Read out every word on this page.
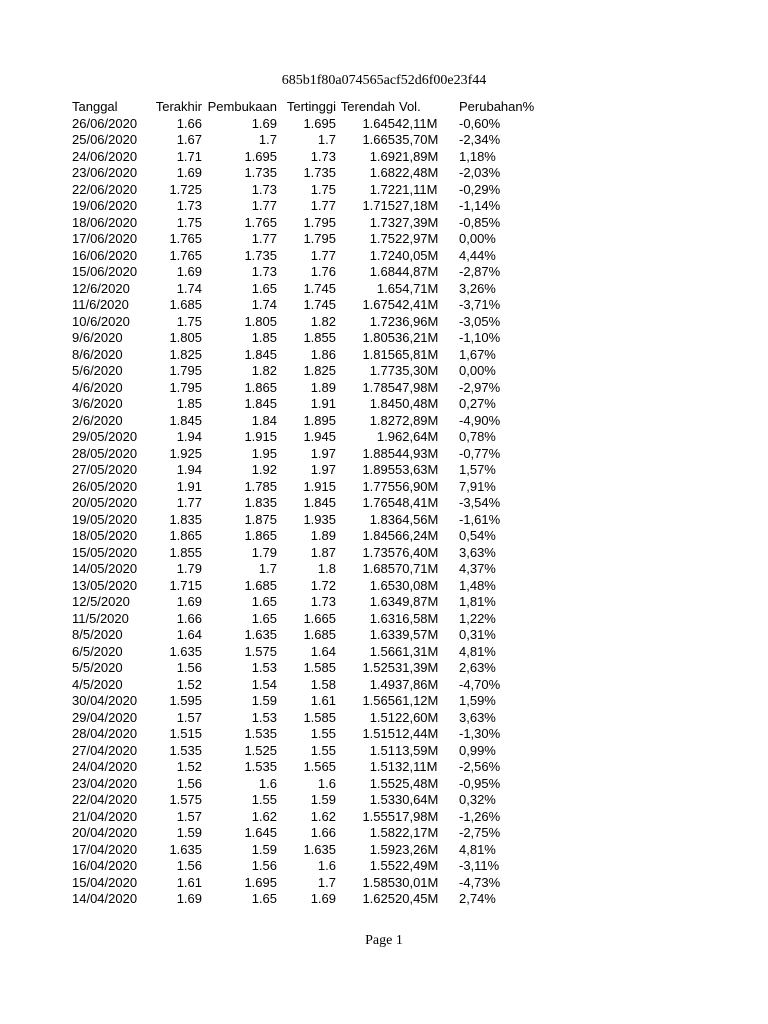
685b1f80a074565acf52d6f00e23f44
Tanggal	Terakhir	Pembukaan	Tertinggi	Terendah	Vol.	Perubahan%
26/06/2020	1.66	1.69	1.695	1.645	42,11M	-0,60%
25/06/2020	1.67	1.7	1.7	1.665	35,70M	-2,34%
24/06/2020	1.71	1.695	1.73	1.69	21,89M	1,18%
23/06/2020	1.69	1.735	1.735	1.68	22,48M	-2,03%
22/06/2020	1.725	1.73	1.75	1.72	21,11M	-0,29%
19/06/2020	1.73	1.77	1.77	1.715	27,18M	-1,14%
18/06/2020	1.75	1.765	1.795	1.73	27,39M	-0,85%
17/06/2020	1.765	1.77	1.795	1.75	22,97M	0,00%
16/06/2020	1.765	1.735	1.77	1.72	40,05M	4,44%
15/06/2020	1.69	1.73	1.76	1.68	44,87M	-2,87%
12/6/2020	1.74	1.65	1.745	1.6	54,71M	3,26%
11/6/2020	1.685	1.74	1.745	1.675	42,41M	-3,71%
10/6/2020	1.75	1.805	1.82	1.72	36,96M	-3,05%
9/6/2020	1.805	1.85	1.855	1.805	36,21M	-1,10%
8/6/2020	1.825	1.845	1.86	1.815	65,81M	1,67%
5/6/2020	1.795	1.82	1.825	1.77	35,30M	0,00%
4/6/2020	1.795	1.865	1.89	1.785	47,98M	-2,97%
3/6/2020	1.85	1.845	1.91	1.84	50,48M	0,27%
2/6/2020	1.845	1.84	1.895	1.82	72,89M	-4,90%
29/05/2020	1.94	1.915	1.945	1.9	62,64M	0,78%
28/05/2020	1.925	1.95	1.97	1.885	44,93M	-0,77%
27/05/2020	1.94	1.92	1.97	1.895	53,63M	1,57%
26/05/2020	1.91	1.785	1.915	1.775	56,90M	7,91%
20/05/2020	1.77	1.835	1.845	1.765	48,41M	-3,54%
19/05/2020	1.835	1.875	1.935	1.83	64,56M	-1,61%
18/05/2020	1.865	1.865	1.89	1.845	66,24M	0,54%
15/05/2020	1.855	1.79	1.87	1.735	76,40M	3,63%
14/05/2020	1.79	1.7	1.8	1.685	70,71M	4,37%
13/05/2020	1.715	1.685	1.72	1.65	30,08M	1,48%
12/5/2020	1.69	1.65	1.73	1.63	49,87M	1,81%
11/5/2020	1.66	1.65	1.665	1.63	16,58M	1,22%
8/5/2020	1.64	1.635	1.685	1.63	39,57M	0,31%
6/5/2020	1.635	1.575	1.64	1.56	61,31M	4,81%
5/5/2020	1.56	1.53	1.585	1.525	31,39M	2,63%
4/5/2020	1.52	1.54	1.58	1.49	37,86M	-4,70%
30/04/2020	1.595	1.59	1.61	1.565	61,12M	1,59%
29/04/2020	1.57	1.53	1.585	1.51	22,60M	3,63%
28/04/2020	1.515	1.535	1.55	1.515	12,44M	-1,30%
27/04/2020	1.535	1.525	1.55	1.51	13,59M	0,99%
24/04/2020	1.52	1.535	1.565	1.51	32,11M	-2,56%
23/04/2020	1.56	1.6	1.6	1.55	25,48M	-0,95%
22/04/2020	1.575	1.55	1.59	1.53	30,64M	0,32%
21/04/2020	1.57	1.62	1.62	1.555	17,98M	-1,26%
20/04/2020	1.59	1.645	1.66	1.58	22,17M	-2,75%
17/04/2020	1.635	1.59	1.635	1.59	23,26M	4,81%
16/04/2020	1.56	1.56	1.6	1.55	22,49M	-3,11%
15/04/2020	1.61	1.695	1.7	1.585	30,01M	-4,73%
14/04/2020	1.69	1.65	1.69	1.625	20,45M	2,74%
Page 1
